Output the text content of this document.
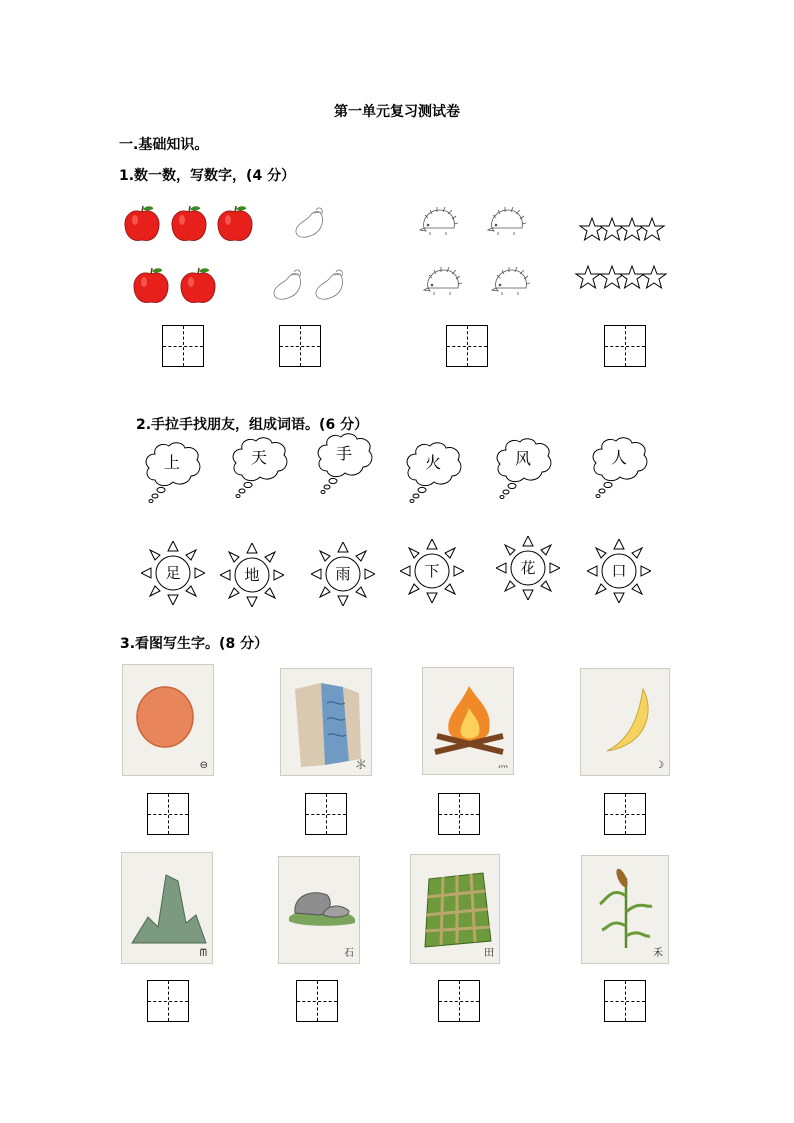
第一单元复习测试卷
一.基础知识。
1.数一数，写数字，(4 分）
2.手拉手找朋友，组成词语。(6 分）
上	天	手	火	风	人
足	地	雨	下	花	口
3.看图写生字。(8 分）
⊖	⺢	灬	☽
ᗰ	石	田	禾
